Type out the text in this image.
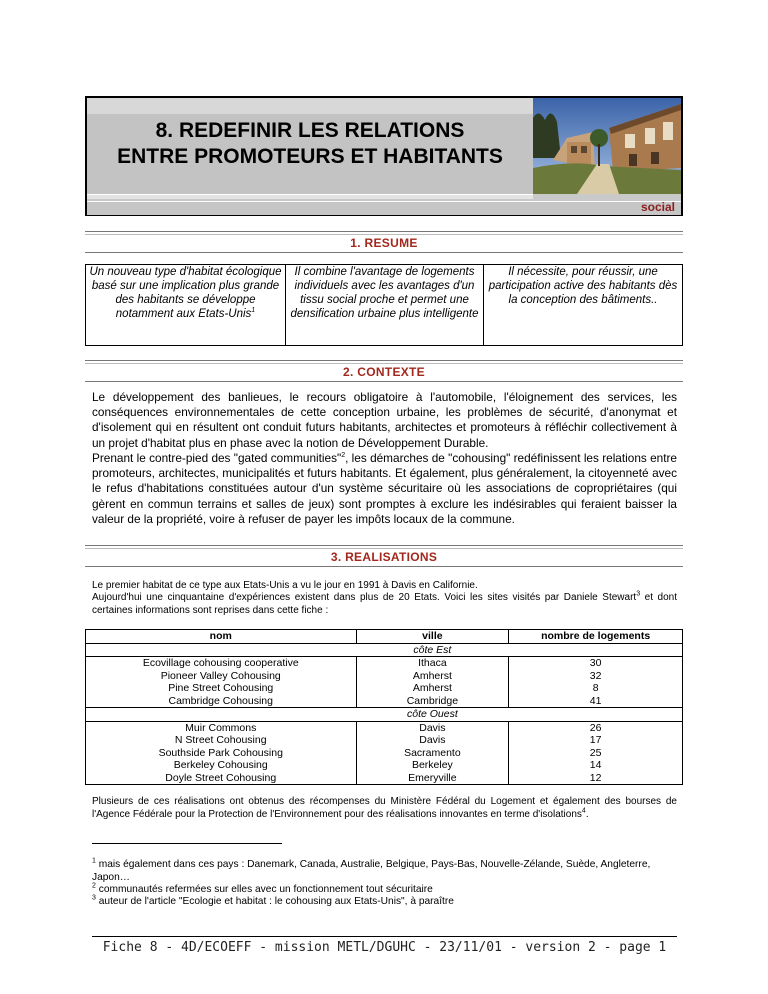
8. REDEFINIR LES RELATIONS
ENTRE PROMOTEURS ET HABITANTS
social
1. RESUME
Un nouveau type d'habitat écologique basé sur une implication plus grande des habitants se développe notamment aux Etats-Unis$^1$
Il combine l'avantage de logements individuels avec les avantages d'un tissu social proche et permet une densification urbaine plus intelligente
Il nécessite, pour réussir, une participation active des habitants dès la conception des bâtiments..
2. CONTEXTE
Le développement des banlieues, le recours obligatoire à l'automobile, l'éloignement des services, les conséquences environnementales de cette conception urbaine, les problèmes de sécurité, d'anonymat et d'isolement qui en résultent ont conduit futurs habitants, architectes et promoteurs à réfléchir collectivement à un projet d'habitat plus en phase avec la notion de Développement Durable.
Prenant le contre-pied des "gated communities"$^2$, les démarches de "cohousing" redéfinissent les relations entre promoteurs, architectes, municipalités et futurs habitants. Et également, plus généralement, la citoyenneté avec le refus d'habitations constituées autour d'un système sécuritaire où les associations de copropriétaires (qui gèrent en commun terrains et salles de jeux) sont promptes à exclure les indésirables qui feraient baisser la valeur de la propriété, voire à refuser de payer les impôts locaux de la commune.
3. REALISATIONS
Le premier habitat de ce type aux Etats-Unis a vu le jour en 1991 à Davis en Californie.
Aujourd'hui une cinquantaine d'expériences existent dans plus de 20 Etats. Voici les sites visités par Daniele Stewart$^3$ et dont certaines informations sont reprises dans cette fiche :
nom	ville	nombre de logements
	côte Est	
Ecovillage cohousing cooperative	Ithaca	30
Pioneer Valley Cohousing	Amherst	32
Pine Street Cohousing	Amherst	8
Cambridge Cohousing	Cambridge	41
	côte Ouest	
Muir Commons	Davis	26
N Street Cohousing	Davis	17
Southside Park Cohousing	Sacramento	25
Berkeley Cohousing	Berkeley	14
Doyle Street Cohousing	Emeryville	12
Plusieurs de ces réalisations ont obtenus des récompenses du Ministère Fédéral du Logement et également des bourses de l'Agence Fédérale pour la Protection de l'Environnement pour des réalisations innovantes en terme d'isolations$^4$.
$^1$ mais également dans ces pays : Danemark, Canada, Australie, Belgique, Pays-Bas, Nouvelle-Zélande, Suède, Angleterre, Japon…
$^2$ communautés refermées sur elles avec un fonctionnement tout sécuritaire
$^3$ auteur de l'article "Ecologie et habitat : le cohousing aux Etats-Unis", à paraître
Fiche 8 - 4D/ECOEFF - mission METL/DGUHC - 23/11/01 - version 2 - page 1
